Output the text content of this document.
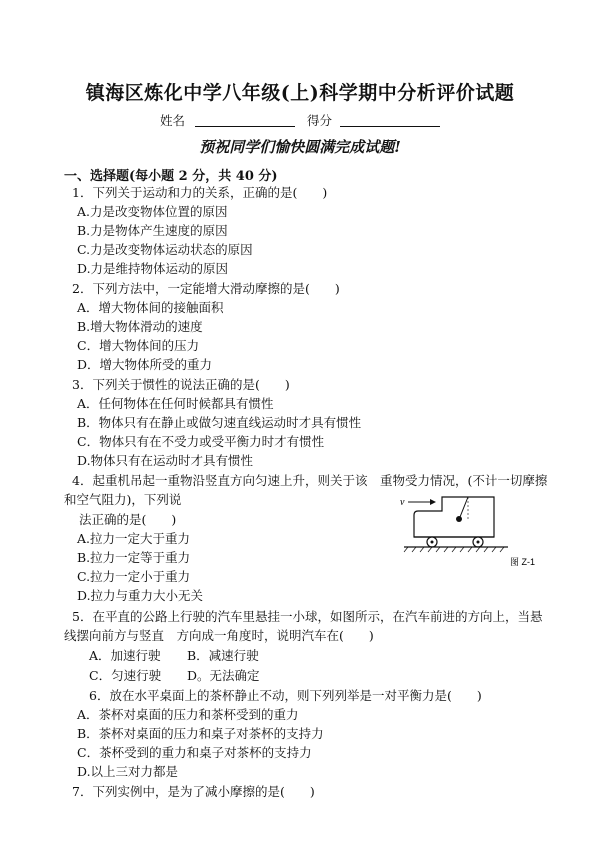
镇海区炼化中学八年级(上)科学期中分析评价试题
姓名	得分
预祝同学们愉快圆满完成试题!
一、选择题(每小题 2 分，共 40 分)
1．下列关于运动和力的关系，正确的是(　　)
A.力是改变物体位置的原因
B.力是物体产生速度的原因
C.力是改变物体运动状态的原因
D.力是维持物体运动的原因
2．下列方法中，一定能增大滑动摩擦的是(　　)
A．增大物体间的接触面积
B.增大物体滑动的速度
C．增大物体间的压力
D．增大物体所受的重力
3．下列关于惯性的说法正确的是(　　)
A．任何物体在任何时候都具有惯性
B．物体只有在静止或做匀速直线运动时才具有惯性
C．物体只有在不受力或受平衡力时才有惯性
D.物体只有在运动时才具有惯性
4．起重机吊起一重物沿竖直方向匀速上升，则关于该　重物受力情况，(不计一切摩擦
和空气阻力)，下列说
法正确的是(　　)
A.拉力一定大于重力
B.拉力一定等于重力
C.拉力一定小于重力
D.拉力与重力大小无关
v
图 Z-1
5．在平直的公路上行驶的汽车里悬挂一小球，如图所示，在汽车前进的方向上，当悬
线摆向前方与竖直　方向成一角度时，说明汽车在(　　)
A．加速行驶 B．减速行驶
C．匀速行驶 D。无法确定
6．放在水平桌面上的茶杯静止不动，则下列列举是一对平衡力是(　　)
A．茶杯对桌面的压力和茶杯受到的重力
B．茶杯对桌面的压力和桌子对茶杯的支持力
C．茶杯受到的重力和桌子对茶杯的支持力
D.以上三对力都是
7．下列实例中，是为了减小摩擦的是(　　)
